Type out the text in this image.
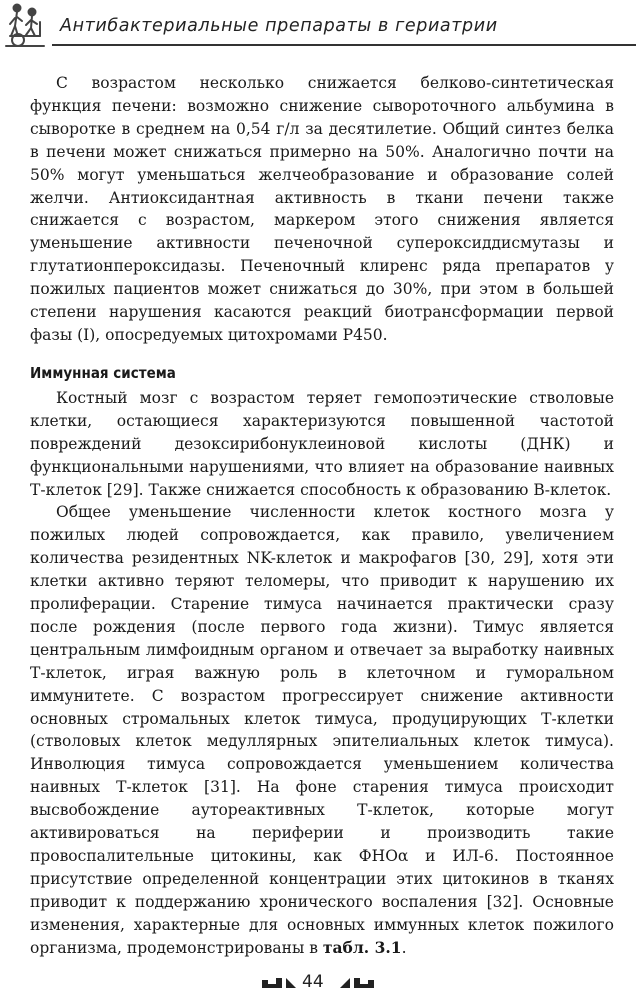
Антибактериальные препараты в гериатрии

С возрастом несколько снижается белково-синтетическая функция печени: возможно снижение сывороточного альбумина в сыворотке в среднем на 0,54 г/л за десятилетие. Общий синтез белка в печени может снижаться примерно на 50%. Аналогично почти на 50% могут уменьшаться желчеобразование и образование солей желчи. Антиоксидантная активность в ткани печени также снижается с возрастом, маркером этого снижения является уменьшение активности печеночной супероксиддисмутазы и глутатионпероксидазы. Печеночный клиренс ряда препаратов у пожилых пациентов может снижаться до 30%, при этом в большей степени нарушения касаются реакций биотрансформации первой фазы (I), опосредуемых цитохромами Р450.

Иммунная система

Костный мозг с возрастом теряет гемопоэтические стволовые клетки, остающиеся характеризуются повышенной частотой повреждений дезоксирибонуклеиновой кислоты (ДНК) и функциональными нарушениями, что влияет на образование наивных Т-клеток [29]. Также снижается способность к образованию В-клеток.

Общее уменьшение численности клеток костного мозга у пожилых людей сопровождается, как правило, увеличением количества резидентных NK-клеток и макрофагов [30, 29], хотя эти клетки активно теряют теломеры, что приводит к нарушению их пролиферации. Старение тимуса начинается практически сразу после рождения (после первого года жизни). Тимус является центральным лимфоидным органом и отвечает за выработку наивных Т-клеток, играя важную роль в клеточном и гуморальном иммунитете. С возрастом прогрессирует снижение активности основных стромальных клеток тимуса, продуцирующих Т-клетки (стволовых клеток медуллярных эпителиальных клеток тимуса). Инволюция тимуса сопровождается уменьшением количества наивных Т-клеток [31]. На фоне старения тимуса происходит высвобождение аутореактивных Т-клеток, которые могут активироваться на периферии и производить такие провоспалительные цитокины, как ФНОα и ИЛ-6. Постоянное присутствие определенной концентрации этих цитокинов в тканях приводит к поддержанию хронического воспаления [32]. Основные изменения, характерные для основных иммунных клеток пожилого организма, продемонстрированы в табл. 3.1.

44
